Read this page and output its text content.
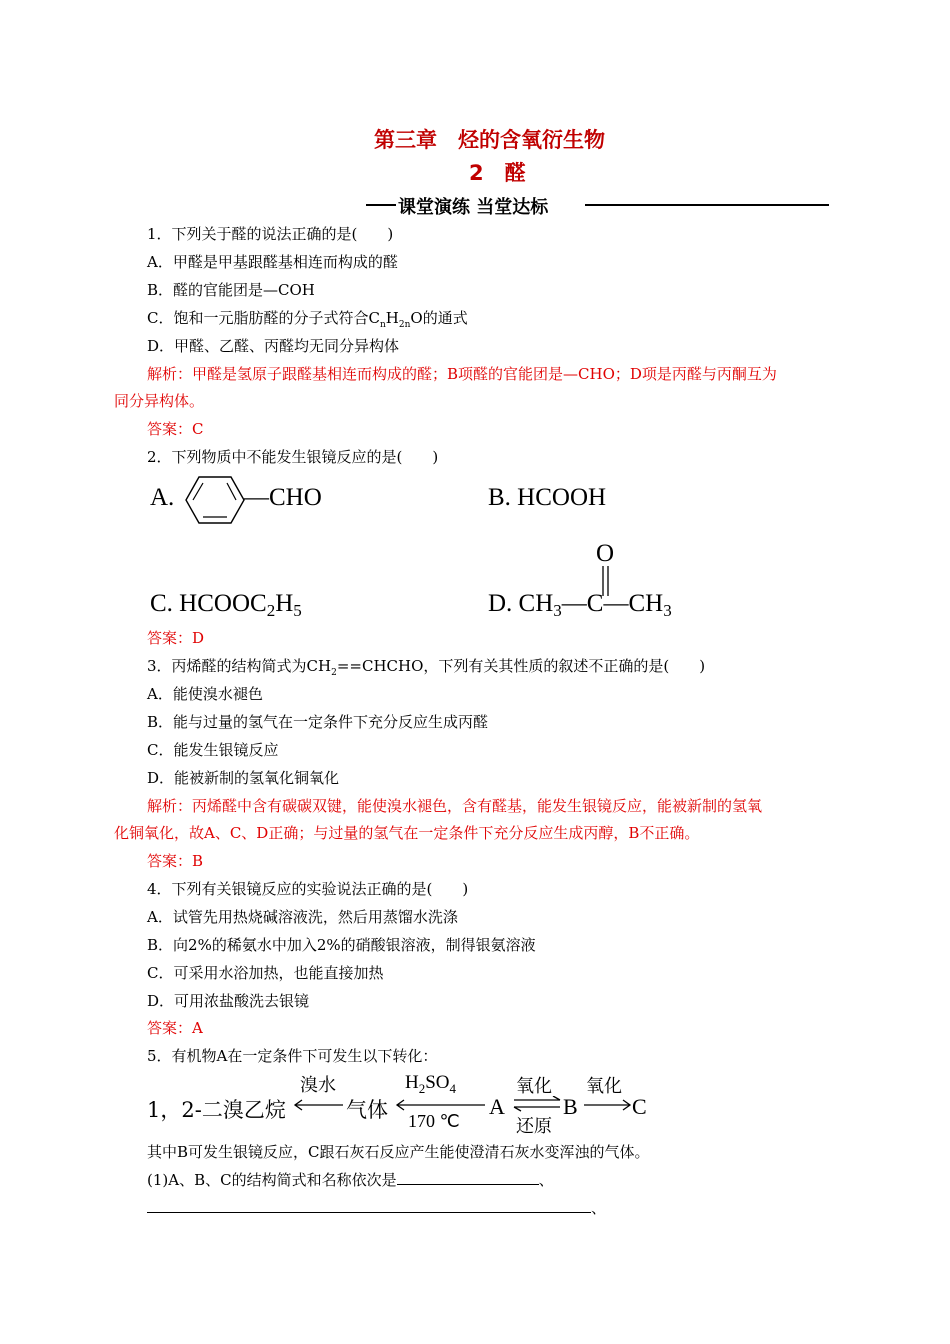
第三章　烃的含氧衍生物
2　醛
课堂演练 当堂达标
1．下列关于醛的说法正确的是(　　)
A．甲醛是甲基跟醛基相连而构成的醛
B．醛的官能团是—COH
C．饱和一元脂肪醛的分子式符合$C_nH_{2n}O$的通式
D．甲醛、乙醛、丙醛均无同分异构体
解析：甲醛是氢原子跟醛基相连而构成的醛；B项醛的官能团是—CHO；D项是丙醛与丙酮互为
同分异构体。
答案：C
2．下列物质中不能发生银镜反应的是(　　)
A.	—CHO	B. HCOOH
C. $HCOOC_2H_5$
O
D. $CH_3—C—CH_3$
答案：D
3．丙烯醛的结构简式为$CH_2==CHCHO$，下列有关其性质的叙述不正确的是(　　)
A．能使溴水褪色
B．能与过量的氢气在一定条件下充分反应生成丙醛
C．能发生银镜反应
D．能被新制的氢氧化铜氧化
解析：丙烯醛中含有碳碳双键，能使溴水褪色，含有醛基，能发生银镜反应，能被新制的氢氧
化铜氧化，故A、C、D正确；与过量的氢气在一定条件下充分反应生成丙醇，B不正确。
答案：B
4．下列有关银镜反应的实验说法正确的是(　　)
A．试管先用热烧碱溶液洗，然后用蒸馏水洗涤
B．向2%的稀氨水中加入2%的硝酸银溶液，制得银氨溶液
C．可采用水浴加热，也能直接加热
D．可用浓盐酸洗去银镜
答案：A
5．有机物A在一定条件下可发生以下转化：
1，2-二溴乙烷
溴水
气体
$H_2SO_4$
170 ℃
A
氧化
还原
B
氧化
C
其中B可发生银镜反应，C跟石灰石反应产生能使澄清石灰水变浑浊的气体。
(1)A、B、C的结构简式和名称依次是	、
、
